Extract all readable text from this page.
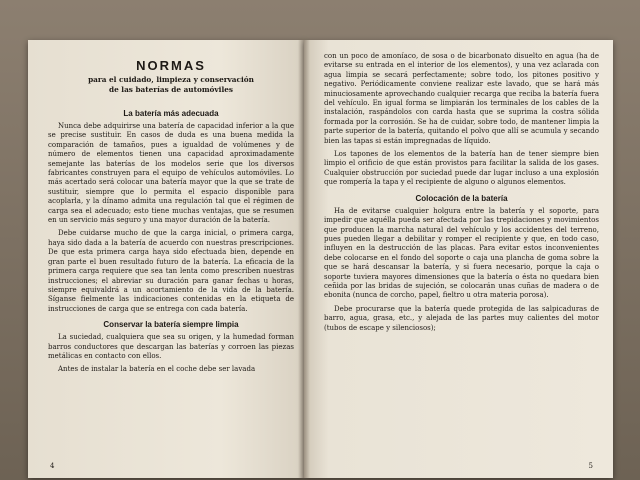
NORMAS
para el cuidado, limpieza y conservación
de las baterías de automóviles
La batería más adecuada

Nunca debe adquirirse una batería de capacidad inferior a la que se precise sustituir. En casos de duda es una buena medida la comparación de tamaños, pues a igualdad de volúmenes y de número de elementos tienen una capacidad aproximadamente semejante las baterías de los modelos serie que los diversos fabricantes construyen para el equipo de vehículos automóviles. Lo más acertado será colocar una batería mayor que la que se trate de sustituir, siempre que lo permita el espacio disponible para acoplarla, y la dínamo admita una regulación tal que el régimen de carga sea el adecuado; esto tiene muchas ventajas, que se resumen en un servicio más seguro y una mayor duración de la batería.

Debe cuidarse mucho de que la carga inicial, o primera carga, haya sido dada a la batería de acuerdo con nuestras prescripciones. De que esta primera carga haya sido efectuada bien, depende en gran parte el buen resultado futuro de la batería. La eficacia de la primera carga requiere que sea tan lenta como prescriben nuestras instrucciones; el abreviar su duración para ganar fechas u horas, siempre equivaldrá a un acortamiento de la vida de la batería. Síganse fielmente las indicaciones contenidas en la etiqueta de instrucciones de carga que se entrega con cada batería.

Conservar la batería siempre limpia

La suciedad, cualquiera que sea su origen, y la humedad forman barros conductores que descargan las baterías y corroen las piezas metálicas en contacto con ellos.

Antes de instalar la batería en el coche debe ser lavada

4

con un poco de amoníaco, de sosa o de bicarbonato disuelto en agua (ha de evitarse su entrada en el interior de los elementos), y una vez aclarada con agua limpia se secará perfectamente; sobre todo, los pitones positivo y negativo. Periódicamente conviene realizar este lavado, que se hará más minuciosamente aprovechando cualquier recarga que reciba la batería fuera del vehículo. En igual forma se limpiarán los terminales de los cables de la instalación, raspándolos con carda hasta que se suprima la costra sólida formada por la corrosión. Se ha de cuidar, sobre todo, de mantener limpia la parte superior de la batería, quitando el polvo que allí se acumula y secando bien las tapas si están impregnadas de líquido.

Los tapones de los elementos de la batería han de tener siempre bien limpio el orificio de que están provistos para facilitar la salida de los gases. Cualquier obstrucción por suciedad puede dar lugar incluso a una explosión que rompería la tapa y el recipiente de alguno o algunos elementos.

Colocación de la batería

Ha de evitarse cualquier holgura entre la batería y el soporte, para impedir que aquélla pueda ser afectada por las trepidaciones y movimientos que producen la marcha natural del vehículo y los accidentes del terreno, pues pueden llegar a debilitar y romper el recipiente y que, en todo caso, influyen en la destrucción de las placas. Para evitar estos inconvenientes debe colocarse en el fondo del soporte o caja una plancha de goma sobre la que se hará descansar la batería, y si fuera necesario, porque la caja o soporte tuviera mayores dimensiones que la batería o ésta no quedara bien ceñida por las bridas de sujeción, se colocarán unas cuñas de madera o de ebonita (nunca de corcho, papel, fieltro u otra materia porosa).

Debe procurarse que la batería quede protegida de las salpicaduras de barro, agua, grasa, etc., y alejada de las partes muy calientes del motor (tubos de escape y silenciosos);

5
